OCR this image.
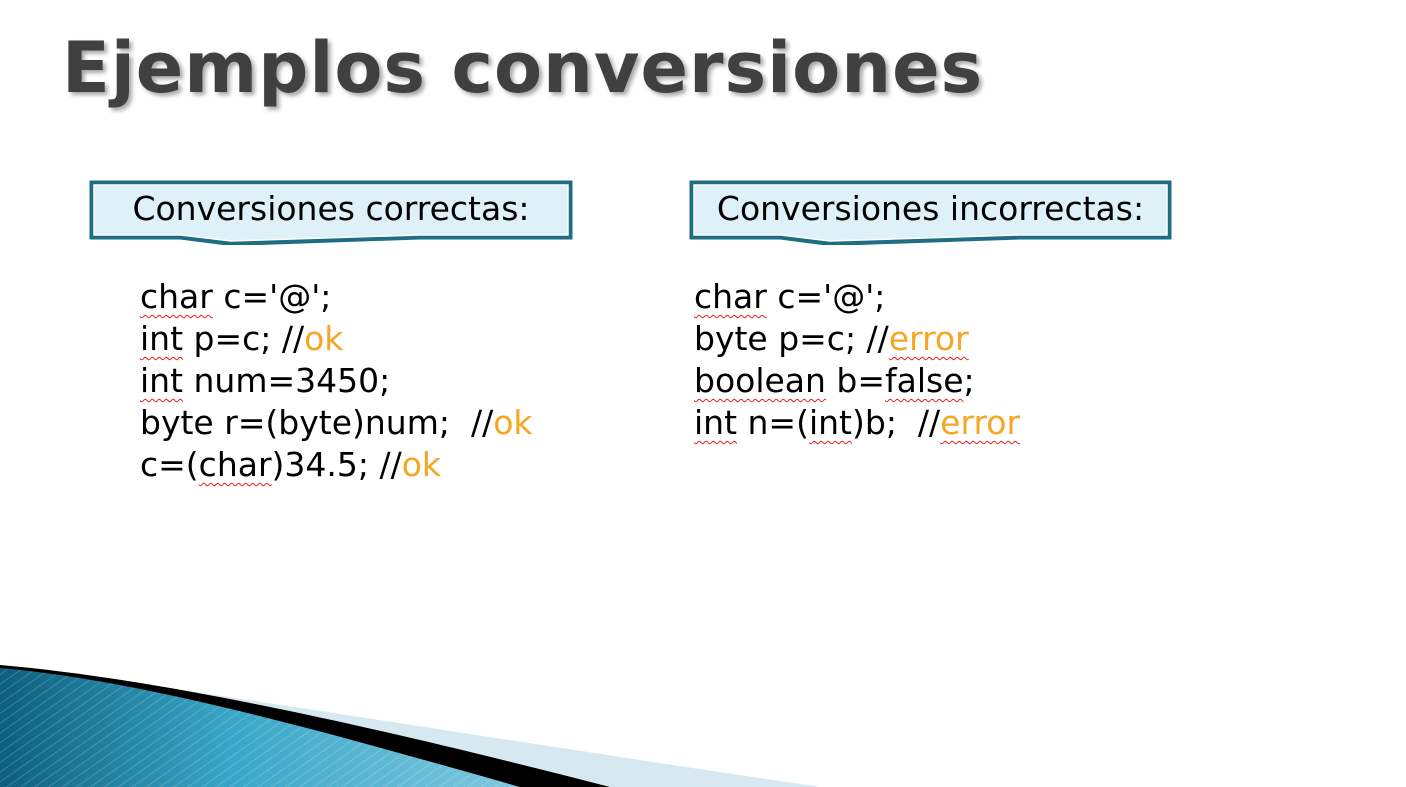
Ejemplos conversiones
Conversiones correctas:	Conversiones incorrectas:
char c='@';
int p=c; //ok
int num=3450;
byte r=(byte)num;  //ok
c=(char)34.5; //ok
char c='@';
byte p=c; //error
boolean b=false;
int n=(int)b;  //error
